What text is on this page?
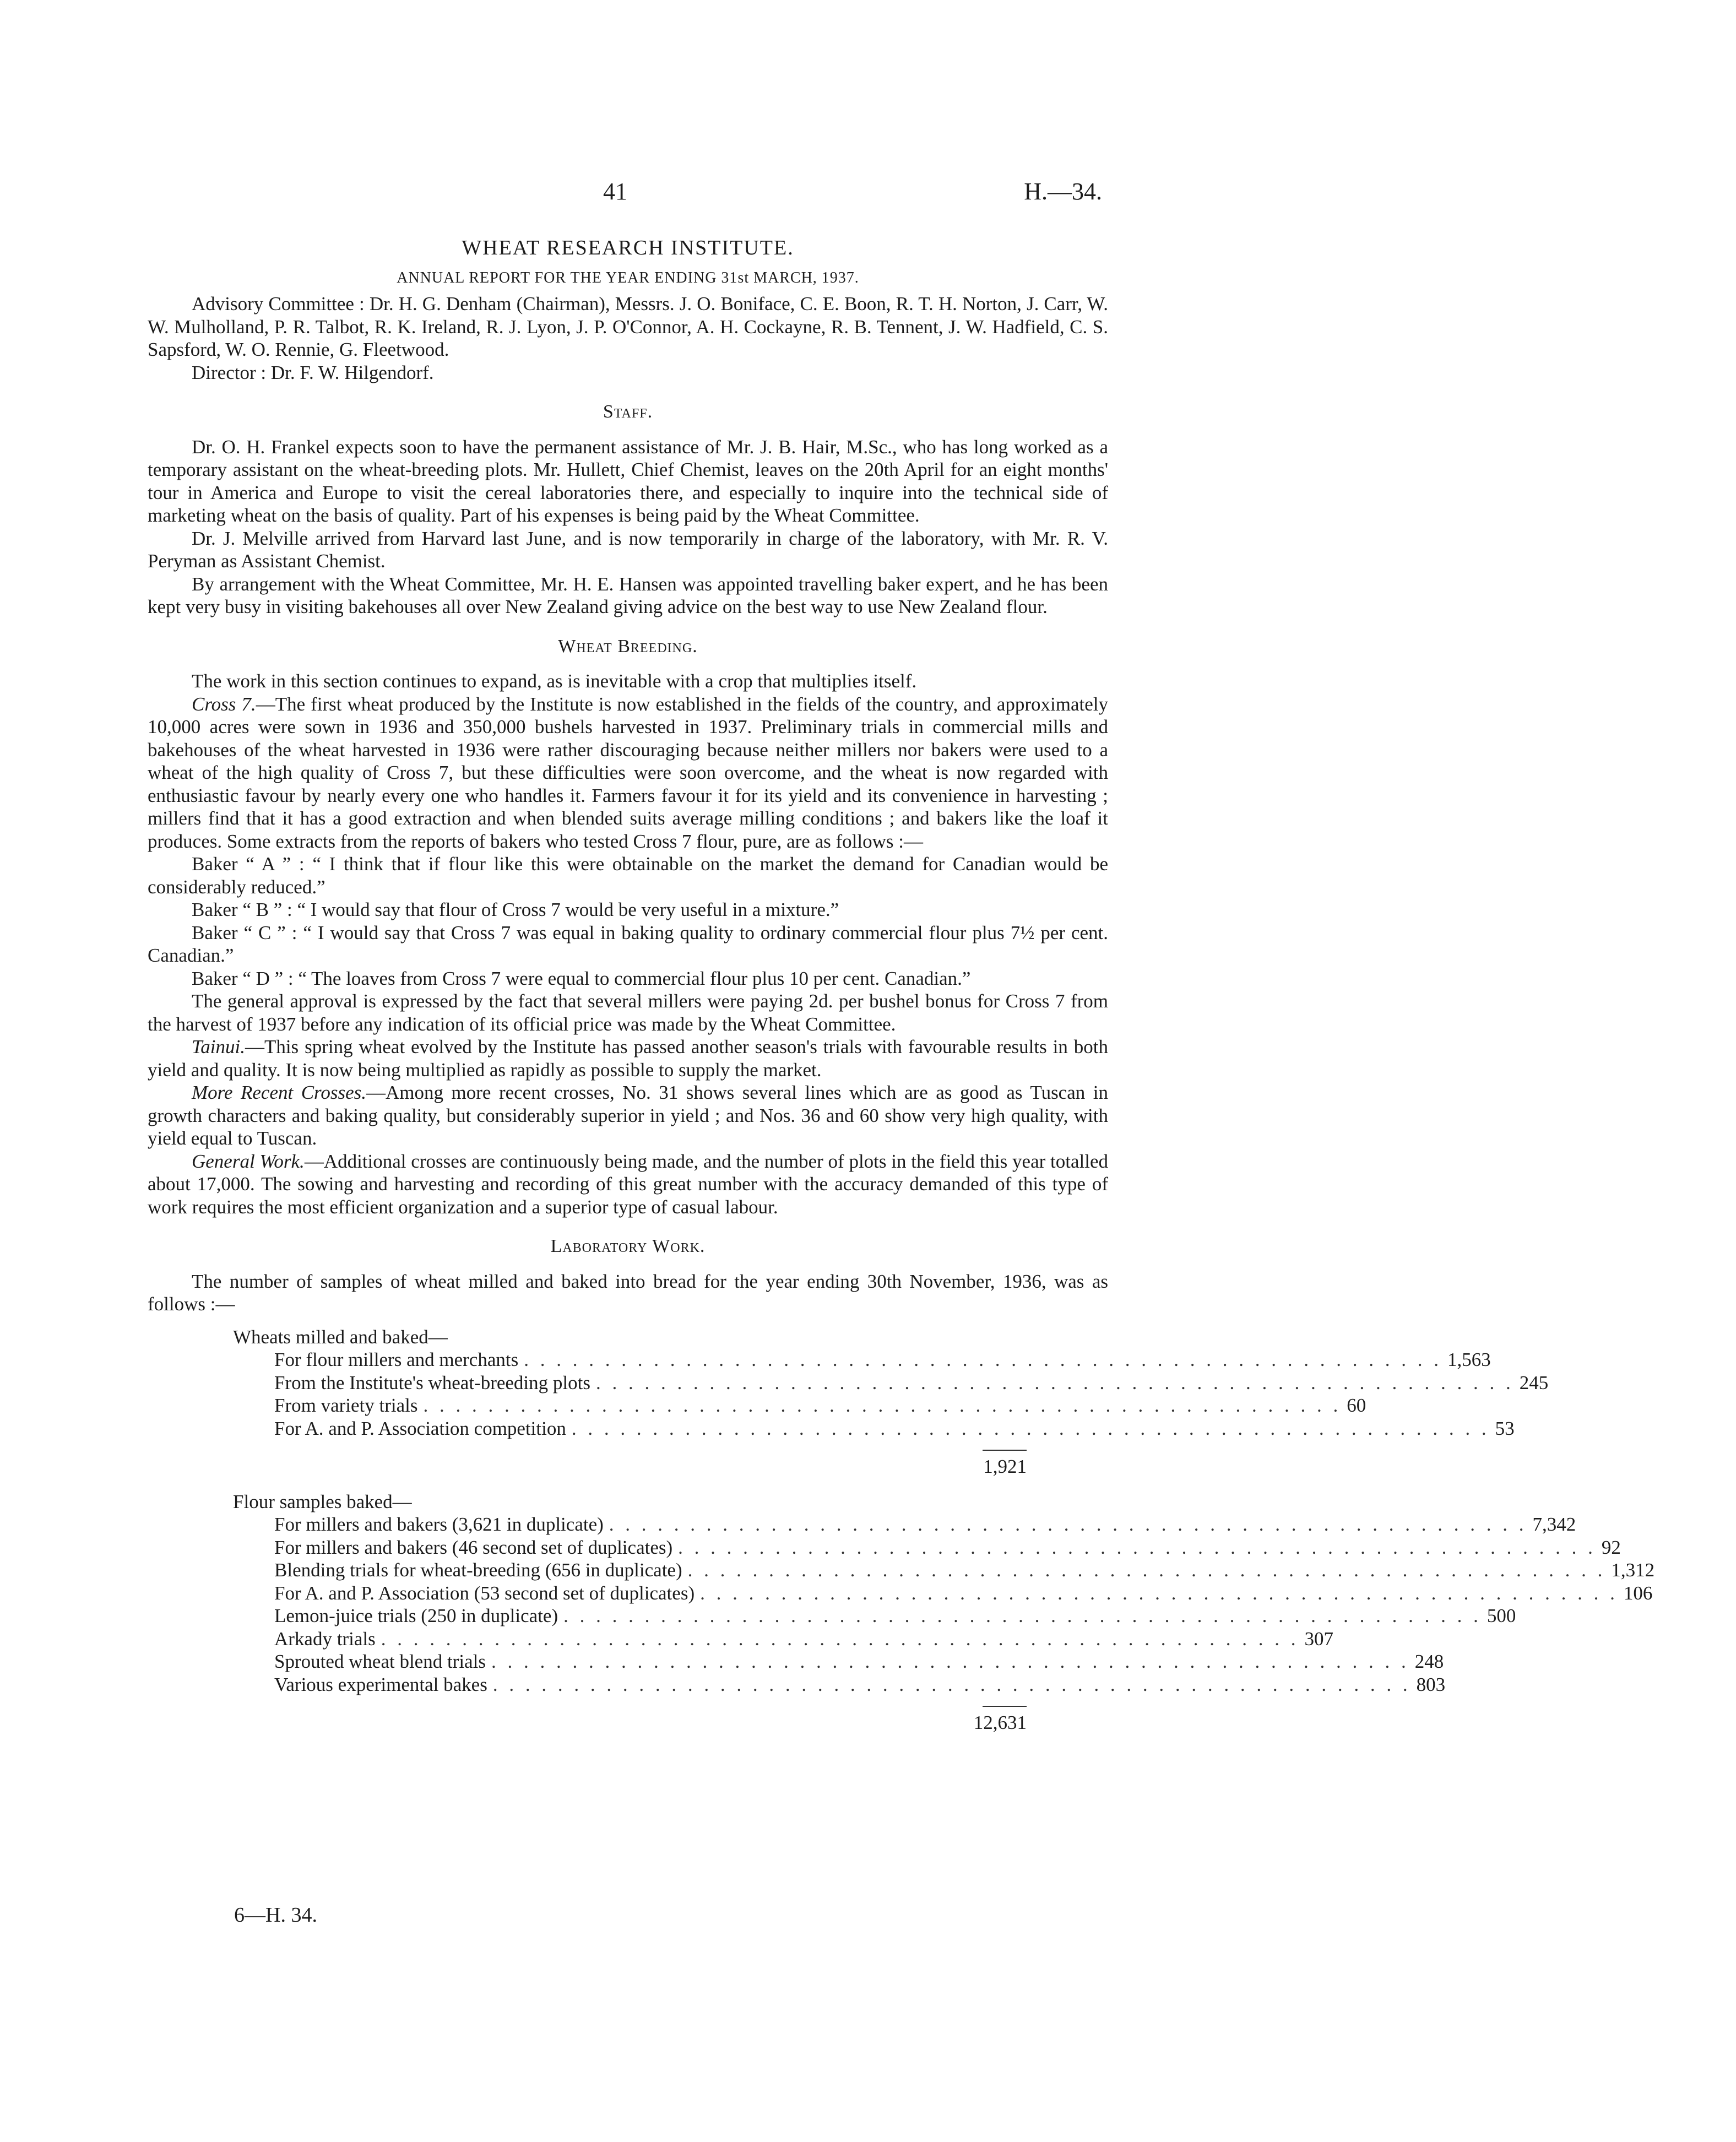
41	H.—34.
WHEAT RESEARCH INSTITUTE.
ANNUAL REPORT FOR THE YEAR ENDING 31st MARCH, 1937.

Advisory Committee : Dr. H. G. Denham (Chairman), Messrs. J. O. Boniface, C. E. Boon, R. T. H. Norton, J. Carr, W. W. Mulholland, P. R. Talbot, R. K. Ireland, R. J. Lyon, J. P. O'Connor, A. H. Cockayne, R. B. Tennent, J. W. Hadfield, C. S. Sapsford, W. O. Rennie, G. Fleetwood.

Director : Dr. F. W. Hilgendorf.

Staff.

Dr. O. H. Frankel expects soon to have the permanent assistance of Mr. J. B. Hair, M.Sc., who has long worked as a temporary assistant on the wheat-breeding plots. Mr. Hullett, Chief Chemist, leaves on the 20th April for an eight months' tour in America and Europe to visit the cereal laboratories there, and especially to inquire into the technical side of marketing wheat on the basis of quality. Part of his expenses is being paid by the Wheat Committee.

Dr. J. Melville arrived from Harvard last June, and is now temporarily in charge of the laboratory, with Mr. R. V. Peryman as Assistant Chemist.

By arrangement with the Wheat Committee, Mr. H. E. Hansen was appointed travelling baker expert, and he has been kept very busy in visiting bakehouses all over New Zealand giving advice on the best way to use New Zealand flour.

Wheat Breeding.

The work in this section continues to expand, as is inevitable with a crop that multiplies itself.

Cross 7.—The first wheat produced by the Institute is now established in the fields of the country, and approximately 10,000 acres were sown in 1936 and 350,000 bushels harvested in 1937. Preliminary trials in commercial mills and bakehouses of the wheat harvested in 1936 were rather discouraging because neither millers nor bakers were used to a wheat of the high quality of Cross 7, but these difficulties were soon overcome, and the wheat is now regarded with enthusiastic favour by nearly every one who handles it. Farmers favour it for its yield and its convenience in harvesting ; millers find that it has a good extraction and when blended suits average milling conditions ; and bakers like the loaf it produces. Some extracts from the reports of bakers who tested Cross 7 flour, pure, are as follows :—

Baker “ A ” : “ I think that if flour like this were obtainable on the market the demand for Canadian would be considerably reduced.”

Baker “ B ” : “ I would say that flour of Cross 7 would be very useful in a mixture.”

Baker “ C ” : “ I would say that Cross 7 was equal in baking quality to ordinary commercial flour plus 7½ per cent. Canadian.”

Baker “ D ” : “ The loaves from Cross 7 were equal to commercial flour plus 10 per cent. Canadian.”

The general approval is expressed by the fact that several millers were paying 2d. per bushel bonus for Cross 7 from the harvest of 1937 before any indication of its official price was made by the Wheat Committee.

Tainui.—This spring wheat evolved by the Institute has passed another season's trials with favourable results in both yield and quality. It is now being multiplied as rapidly as possible to supply the market.

More Recent Crosses.—Among more recent crosses, No. 31 shows several lines which are as good as Tuscan in growth characters and baking quality, but considerably superior in yield ; and Nos. 36 and 60 show very high quality, with yield equal to Tuscan.

General Work.—Additional crosses are continuously being made, and the number of plots in the field this year totalled about 17,000. The sowing and harvesting and recording of this great number with the accuracy demanded of this type of work requires the most efficient organization and a superior type of casual labour.

Laboratory Work.

The number of samples of wheat milled and baked into bread for the year ending 30th November, 1936, was as follows :—

Wheats milled and baked—
For flour millers and merchants . . . . . . . . . . . . . . . . . . . . . . . . . . . . . . . . . . . . . . . . . . . . . . . . . . . . . . . . . 1,563
From the Institute's wheat-breeding plots . . . . . . . . . . . . . . . . . . . . . . . . . . . . . . . . . . . . . . . . . . . . . . . . . . . . . . . . . 245
From variety trials . . . . . . . . . . . . . . . . . . . . . . . . . . . . . . . . . . . . . . . . . . . . . . . . . . . . . . . . . 60
For A. and P. Association competition . . . . . . . . . . . . . . . . . . . . . . . . . . . . . . . . . . . . . . . . . . . . . . . . . . . . . . . . . 53
1,921
Flour samples baked—
For millers and bakers (3,621 in duplicate) . . . . . . . . . . . . . . . . . . . . . . . . . . . . . . . . . . . . . . . . . . . . . . . . . . . . . . . . . 7,342
For millers and bakers (46 second set of duplicates) . . . . . . . . . . . . . . . . . . . . . . . . . . . . . . . . . . . . . . . . . . . . . . . . . . . . . . . . . 92
Blending trials for wheat-breeding (656 in duplicate) . . . . . . . . . . . . . . . . . . . . . . . . . . . . . . . . . . . . . . . . . . . . . . . . . . . . . . . . . 1,312
For A. and P. Association (53 second set of duplicates) . . . . . . . . . . . . . . . . . . . . . . . . . . . . . . . . . . . . . . . . . . . . . . . . . . . . . . . . . 106
Lemon-juice trials (250 in duplicate) . . . . . . . . . . . . . . . . . . . . . . . . . . . . . . . . . . . . . . . . . . . . . . . . . . . . . . . . . 500
Arkady trials . . . . . . . . . . . . . . . . . . . . . . . . . . . . . . . . . . . . . . . . . . . . . . . . . . . . . . . . . 307
Sprouted wheat blend trials . . . . . . . . . . . . . . . . . . . . . . . . . . . . . . . . . . . . . . . . . . . . . . . . . . . . . . . . . 248
Various experimental bakes . . . . . . . . . . . . . . . . . . . . . . . . . . . . . . . . . . . . . . . . . . . . . . . . . . . . . . . . . 803
12,631
6—H. 34.
